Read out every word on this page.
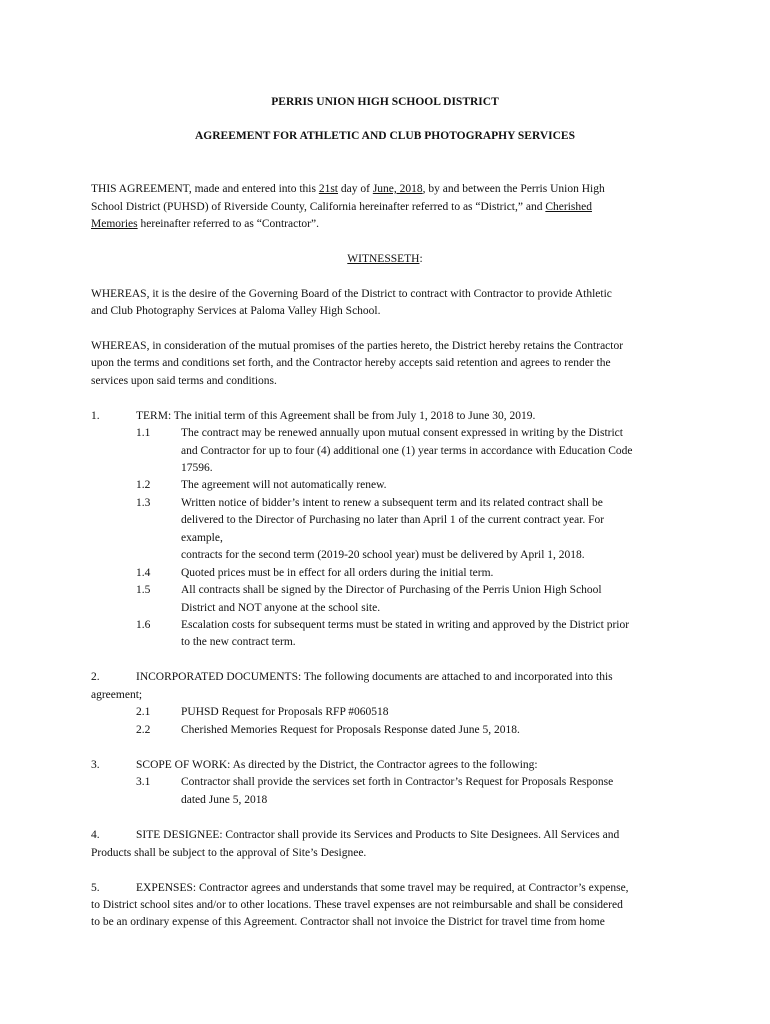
PERRIS UNION HIGH SCHOOL DISTRICT
AGREEMENT FOR ATHLETIC AND CLUB PHOTOGRAPHY SERVICES
THIS AGREEMENT, made and entered into this 21st day of June, 2018, by and between the Perris Union High
School District (PUHSD) of Riverside County, California hereinafter referred to as “District,” and Cherished
Memories hereinafter referred to as “Contractor”.
WITNESSETH:
WHEREAS, it is the desire of the Governing Board of the District to contract with Contractor to provide Athletic
and Club Photography Services at Paloma Valley High School.
WHEREAS, in consideration of the mutual promises of the parties hereto, the District hereby retains the Contractor
upon the terms and conditions set forth, and the Contractor hereby accepts said retention and agrees to render the
services upon said terms and conditions.
1.	TERM: The initial term of this Agreement shall be from July 1, 2018 to June 30, 2019.
1.1	The contract may be renewed annually upon mutual consent expressed in writing by the District
and Contractor for up to four (4) additional one (1) year terms in accordance with Education Code
17596.
1.2	The agreement will not automatically renew.
1.3	Written notice of bidder’s intent to renew a subsequent term and its related contract shall be
delivered to the Director of Purchasing no later than April 1 of the current contract year. For
example,
contracts for the second term (2019-20 school year) must be delivered by April 1, 2018.
1.4	Quoted prices must be in effect for all orders during the initial term.
1.5	All contracts shall be signed by the Director of Purchasing of the Perris Union High School
District and NOT anyone at the school site.
1.6	Escalation costs for subsequent terms must be stated in writing and approved by the District prior
to the new contract term.
2.	INCORPORATED DOCUMENTS: The following documents are attached to and incorporated into this
agreement;
2.1	PUHSD Request for Proposals RFP #060518
2.2	Cherished Memories Request for Proposals Response dated June 5, 2018.
3.	SCOPE OF WORK: As directed by the District, the Contractor agrees to the following:
3.1	Contractor shall provide the services set forth in Contractor’s Request for Proposals Response
dated June 5, 2018
4.	SITE DESIGNEE: Contractor shall provide its Services and Products to Site Designees. All Services and
Products shall be subject to the approval of Site’s Designee.
5.	EXPENSES: Contractor agrees and understands that some travel may be required, at Contractor’s expense,
to District school sites and/or to other locations. These travel expenses are not reimbursable and shall be considered
to be an ordinary expense of this Agreement. Contractor shall not invoice the District for travel time from home
